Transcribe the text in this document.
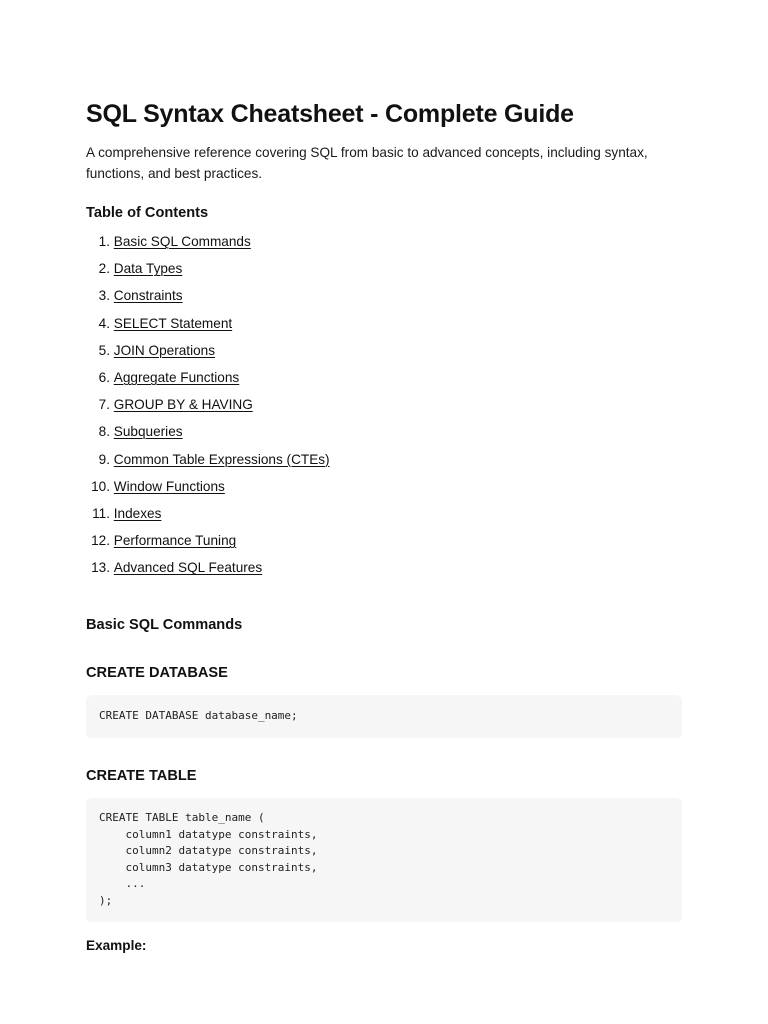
SQL Syntax Cheatsheet - Complete Guide

A comprehensive reference covering SQL from basic to advanced concepts, including syntax, functions, and best practices.

Table of Contents
1.
Basic SQL Commands
2.
Data Types
3.
Constraints
4.
SELECT Statement
5.
JOIN Operations
6.
Aggregate Functions
7.
GROUP BY & HAVING
8.
Subqueries
9.
Common Table Expressions (CTEs)
10.
Window Functions
11.
Indexes
12.
Performance Tuning
13.
Advanced SQL Features
Basic SQL Commands
CREATE DATABASE
CREATE DATABASE database_name;
CREATE TABLE
CREATE TABLE table_name (
column1 datatype constraints,
column2 datatype constraints,
column3 datatype constraints,
...
);

Example:
